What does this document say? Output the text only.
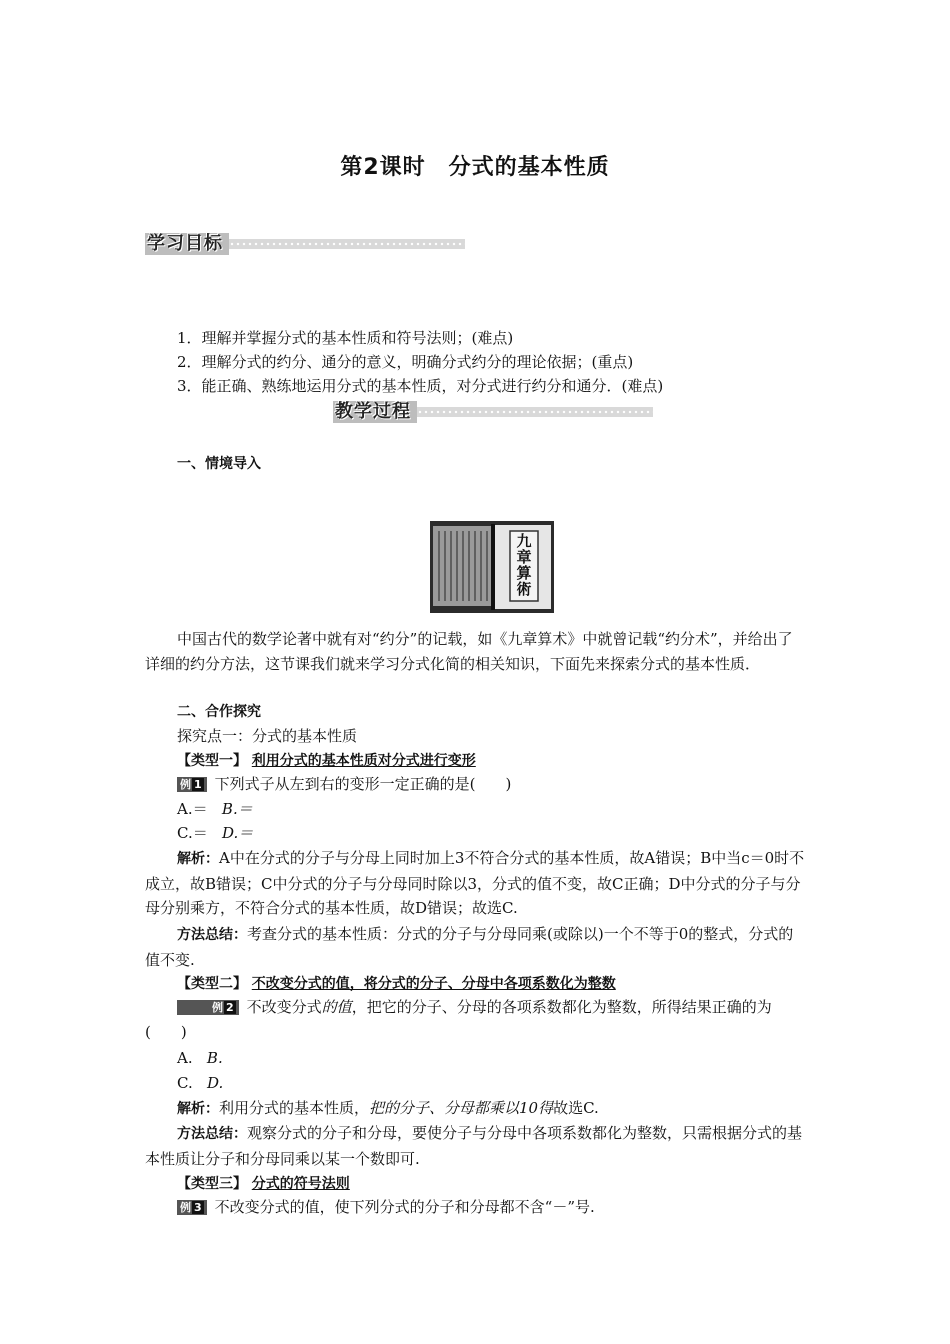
第2课时　分式的基本性质
学习目标
1．理解并掌握分式的基本性质和符号法则；(难点)
2．理解分式的约分、通分的意义，明确分式约分的理论依据；(重点)
3．能正确、熟练地运用分式的基本性质，对分式进行约分和通分．(难点)
教学过程
一、情境导入
九章算術
中国古代的数学论著中就有对“约分”的记载，如《九章算术》中就曾记载“约分术”，并给出了详细的约分方法，这节课我们就来学习分式化简的相关知识，下面先来探索分式的基本性质．
二、合作探究
探究点一：分式的基本性质
【类型一】 利用分式的基本性质对分式进行变形
例 1 下列式子从左到右的变形一定正确的是(　　)
A.＝ B.＝
C.＝ D.＝
解析：A中在分式的分子与分母上同时加上3不符合分式的基本性质，故A错误；B中当c＝0时不成立，故B错误；C中分式的分子与分母同时除以3，分式的值不变，故C正确；D中分式的分子与分母分别乘方，不符合分式的基本性质，故D错误；故选C.
方法总结：考查分式的基本性质：分式的分子与分母同乘(或除以)一个不等于0的整式，分式的值不变.
【类型二】 不改变分式的值，将分式的分子、分母中各项系数化为整数
例 2 不改变分式的值，把它的分子、分母的各项系数都化为整数，所得结果正确的为(　　)
A. B.
C. D.
解析：利用分式的基本性质，把的分子、分母都乘以10得故选C.
方法总结：观察分式的分子和分母，要使分子与分母中各项系数都化为整数，只需根据分式的基本性质让分子和分母同乘以某一个数即可.
【类型三】 分式的符号法则
例 3 不改变分式的值，使下列分式的分子和分母都不含“－”号.
